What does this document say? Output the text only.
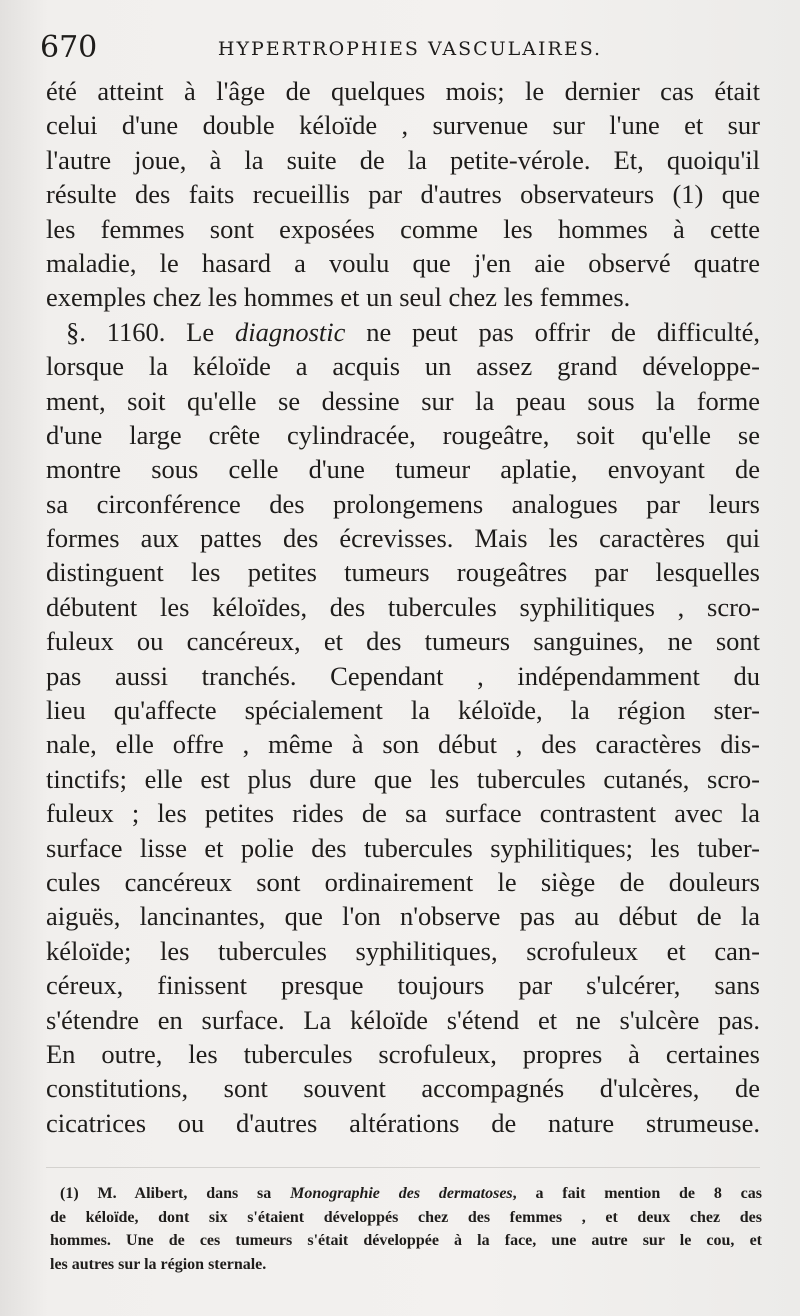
670	HYPERTROPHIES VASCULAIRES.
été atteint à l'âge de quelques mois; le dernier cas était
celui d'une double kéloïde , survenue sur l'une et sur
l'autre joue, à la suite de la petite-vérole. Et, quoiqu'il
résulte des faits recueillis par d'autres observateurs (1) que
les femmes sont exposées comme les hommes à cette
maladie, le hasard a voulu que j'en aie observé quatre
exemples chez les hommes et un seul chez les femmes.
§. 1160. Le diagnostic ne peut pas offrir de difficulté,
lorsque la kéloïde a acquis un assez grand développe-
ment, soit qu'elle se dessine sur la peau sous la forme
d'une large crête cylindracée, rougeâtre, soit qu'elle se
montre sous celle d'une tumeur aplatie, envoyant de
sa circonférence des prolongemens analogues par leurs
formes aux pattes des écrevisses. Mais les caractères qui
distinguent les petites tumeurs rougeâtres par lesquelles
débutent les kéloïdes, des tubercules syphilitiques , scro-
fuleux ou cancéreux, et des tumeurs sanguines, ne sont
pas aussi tranchés. Cependant , indépendamment du
lieu qu'affecte spécialement la kéloïde, la région ster-
nale, elle offre , même à son début , des caractères dis-
tinctifs; elle est plus dure que les tubercules cutanés, scro-
fuleux ; les petites rides de sa surface contrastent avec la
surface lisse et polie des tubercules syphilitiques; les tuber-
cules cancéreux sont ordinairement le siège de douleurs
aiguës, lancinantes, que l'on n'observe pas au début de la
kéloïde; les tubercules syphilitiques, scrofuleux et can-
céreux, finissent presque toujours par s'ulcérer, sans
s'étendre en surface. La kéloïde s'étend et ne s'ulcère pas.
En outre, les tubercules scrofuleux, propres à certaines
constitutions, sont souvent accompagnés d'ulcères, de
cicatrices ou d'autres altérations de nature strumeuse.
(1) M. Alibert, dans sa Monographie des dermatoses, a fait mention de 8 cas
de kéloïde, dont six s'étaient développés chez des femmes , et deux chez des
hommes. Une de ces tumeurs s'était développée à la face, une autre sur le cou, et
les autres sur la région sternale.
